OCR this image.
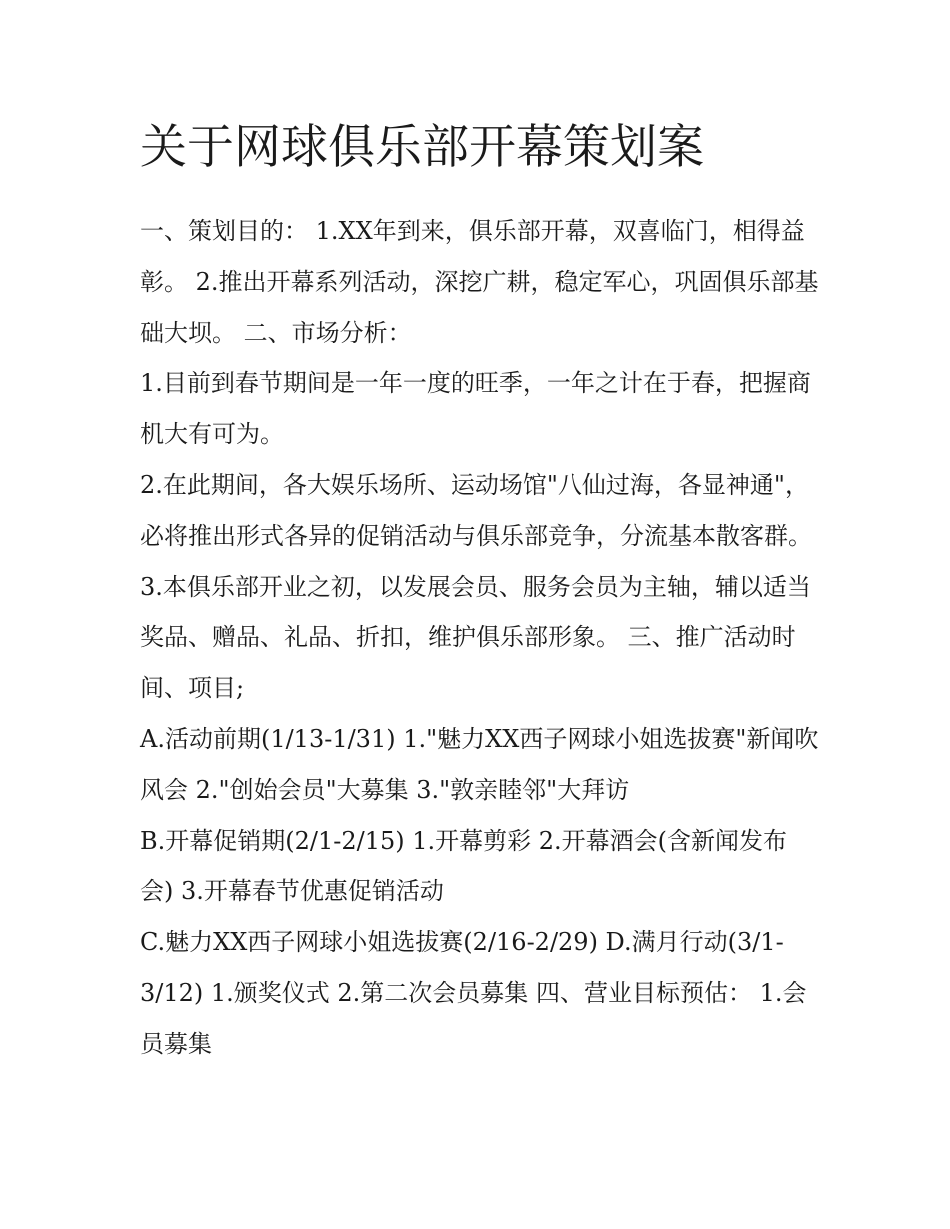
关于网球俱乐部开幕策划案

一、策划目的： 1.XX年到来，俱乐部开幕，双喜临门，相得益彰。 2.推出开幕系列活动，深挖广耕，稳定军心，巩固俱乐部基础大坝。 二、市场分析：

1.目前到春节期间是一年一度的旺季，一年之计在于春，把握商机大有可为。

2.在此期间，各大娱乐场所、运动场馆"八仙过海，各显神通"，必将推出形式各异的促销活动与俱乐部竞争，分流基本散客群。

3.本俱乐部开业之初，以发展会员、服务会员为主轴，辅以适当奖品、赠品、礼品、折扣，维护俱乐部形象。 三、推广活动时间、项目;

A.活动前期(1/13-1/31) 1."魅力XX西子网球小姐选拔赛"新闻吹风会 2."创始会员"大募集 3."敦亲睦邻"大拜访

B.开幕促销期(2/1-2/15) 1.开幕剪彩 2.开幕酒会(含新闻发布会) 3.开幕春节优惠促销活动

C.魅力XX西子网球小姐选拔赛(2/16-2/29) D.满月行动(3/1-3/12) 1.颁奖仪式 2.第二次会员募集 四、营业目标预估： 1.会员募集
